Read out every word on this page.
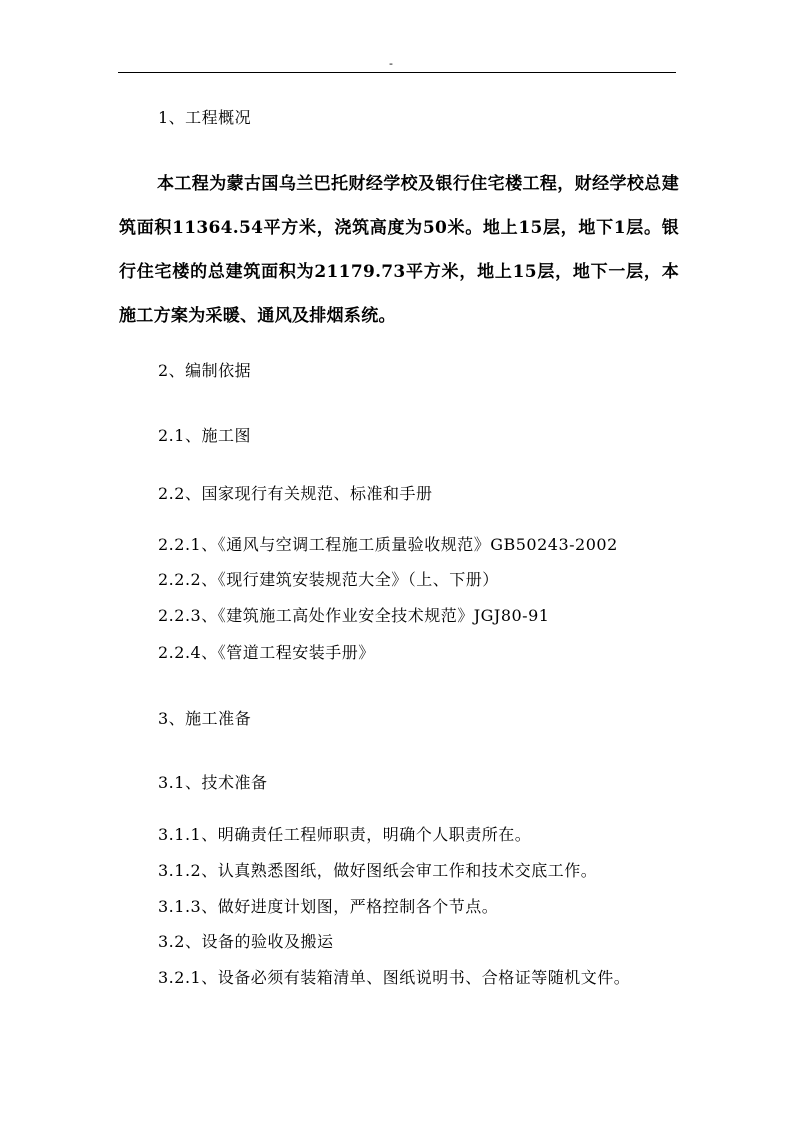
-
1、工程概况
本工程为蒙古国乌兰巴托财经学校及银行住宅楼工程，财经学校总建筑面积11364.54平方米，浇筑高度为50米。地上15层，地下1层。银行住宅楼的总建筑面积为21179.73平方米，地上15层，地下一层，本施工方案为采暖、通风及排烟系统。
2、编制依据
2.1、施工图
2.2、国家现行有关规范、标准和手册
2.2.1、《通风与空调工程施工质量验收规范》GB50243-2002
2.2.2、《现行建筑安装规范大全》（上、下册）
2.2.3、《建筑施工高处作业安全技术规范》JGJ80-91
2.2.4、《管道工程安装手册》
3、施工准备
3.1、技术准备
3.1.1、明确责任工程师职责，明确个人职责所在。
3.1.2、认真熟悉图纸，做好图纸会审工作和技术交底工作。
3.1.3、做好进度计划图，严格控制各个节点。
3.2、设备的验收及搬运
3.2.1、设备必须有装箱清单、图纸说明书、合格证等随机文件。
